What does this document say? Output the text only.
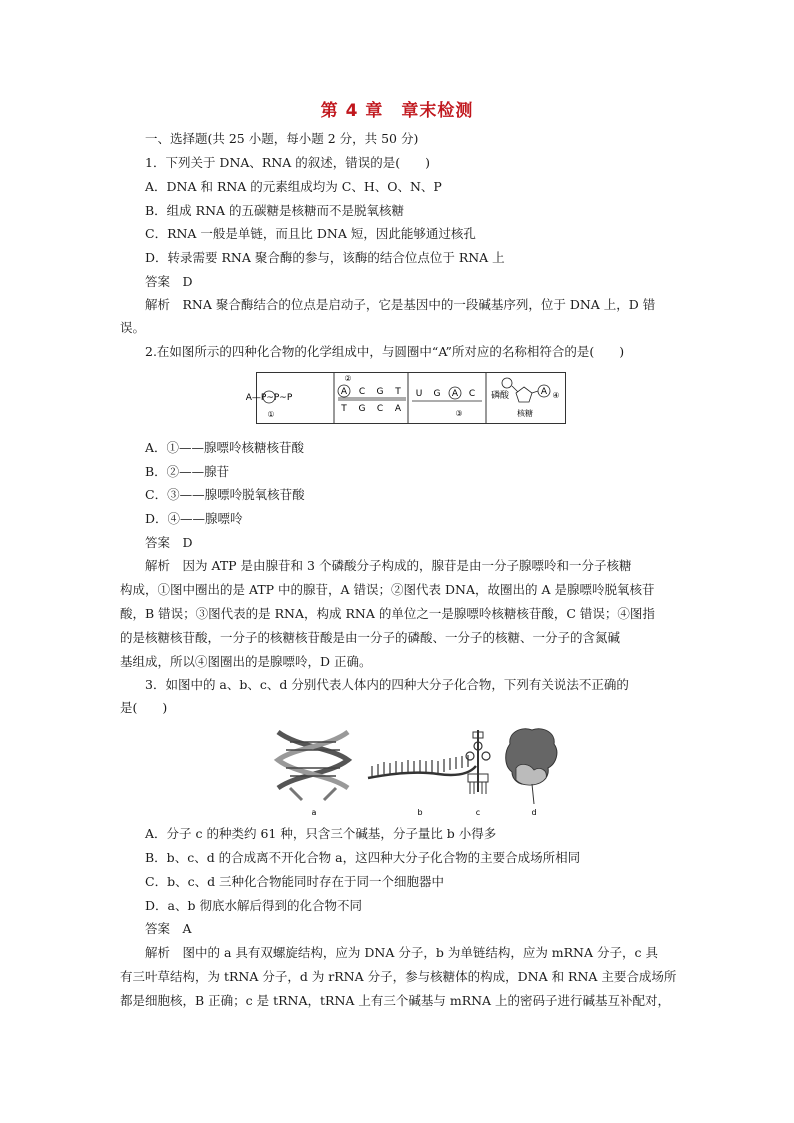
第 4 章　章末检测
一、选择题(共 25 小题，每小题 2 分，共 50 分)
1．下列关于 DNA、RNA 的叙述，错误的是(　　)
A．DNA 和 RNA 的元素组成均为 C、H、O、N、P
B．组成 RNA 的五碳糖是核糖而不是脱氧核糖
C．RNA 一般是单链，而且比 DNA 短，因此能够通过核孔
D．转录需要 RNA 聚合酶的参与，该酶的结合位点位于 RNA 上
答案  D
解析  RNA 聚合酶结合的位点是启动子，它是基因中的一段碱基序列，位于 DNA 上，D 错
误。
2.在如图所示的四种化合物的化学组成中，与圆圈中“A”所对应的名称相符合的是(　　)
A—P~P~P
①
②
A C G T
T G C A
U G A C
③
磷酸	A
核糖
④
A．①——腺嘌呤核糖核苷酸
B．②——腺苷
C．③——腺嘌呤脱氧核苷酸
D．④——腺嘌呤
答案  D
解析  因为 ATP 是由腺苷和 3 个磷酸分子构成的，腺苷是由一分子腺嘌呤和一分子核糖
构成，①图中圈出的是 ATP 中的腺苷，A 错误；②图代表 DNA，故圈出的 A 是腺嘌呤脱氧核苷
酸，B 错误；③图代表的是 RNA，构成 RNA 的单位之一是腺嘌呤核糖核苷酸，C 错误；④图指
的是核糖核苷酸，一分子的核糖核苷酸是由一分子的磷酸、一分子的核糖、一分子的含氮碱
基组成，所以④图圈出的是腺嘌呤，D 正确。
3．如图中的 a、b、c、d 分别代表人体内的四种大分子化合物，下列有关说法不正确的
是(　　)
a	b	c	d
A．分子 c 的种类约 61 种，只含三个碱基，分子量比 b 小得多
B．b、c、d 的合成离不开化合物 a，这四种大分子化合物的主要合成场所相同
C．b、c、d 三种化合物能同时存在于同一个细胞器中
D．a、b 彻底水解后得到的化合物不同
答案  A
解析  图中的 a 具有双螺旋结构，应为 DNA 分子，b 为单链结构，应为 mRNA 分子，c 具
有三叶草结构，为 tRNA 分子，d 为 rRNA 分子，参与核糖体的构成，DNA 和 RNA 主要合成场所
都是细胞核，B 正确；c 是 tRNA，tRNA 上有三个碱基与 mRNA 上的密码子进行碱基互补配对，
